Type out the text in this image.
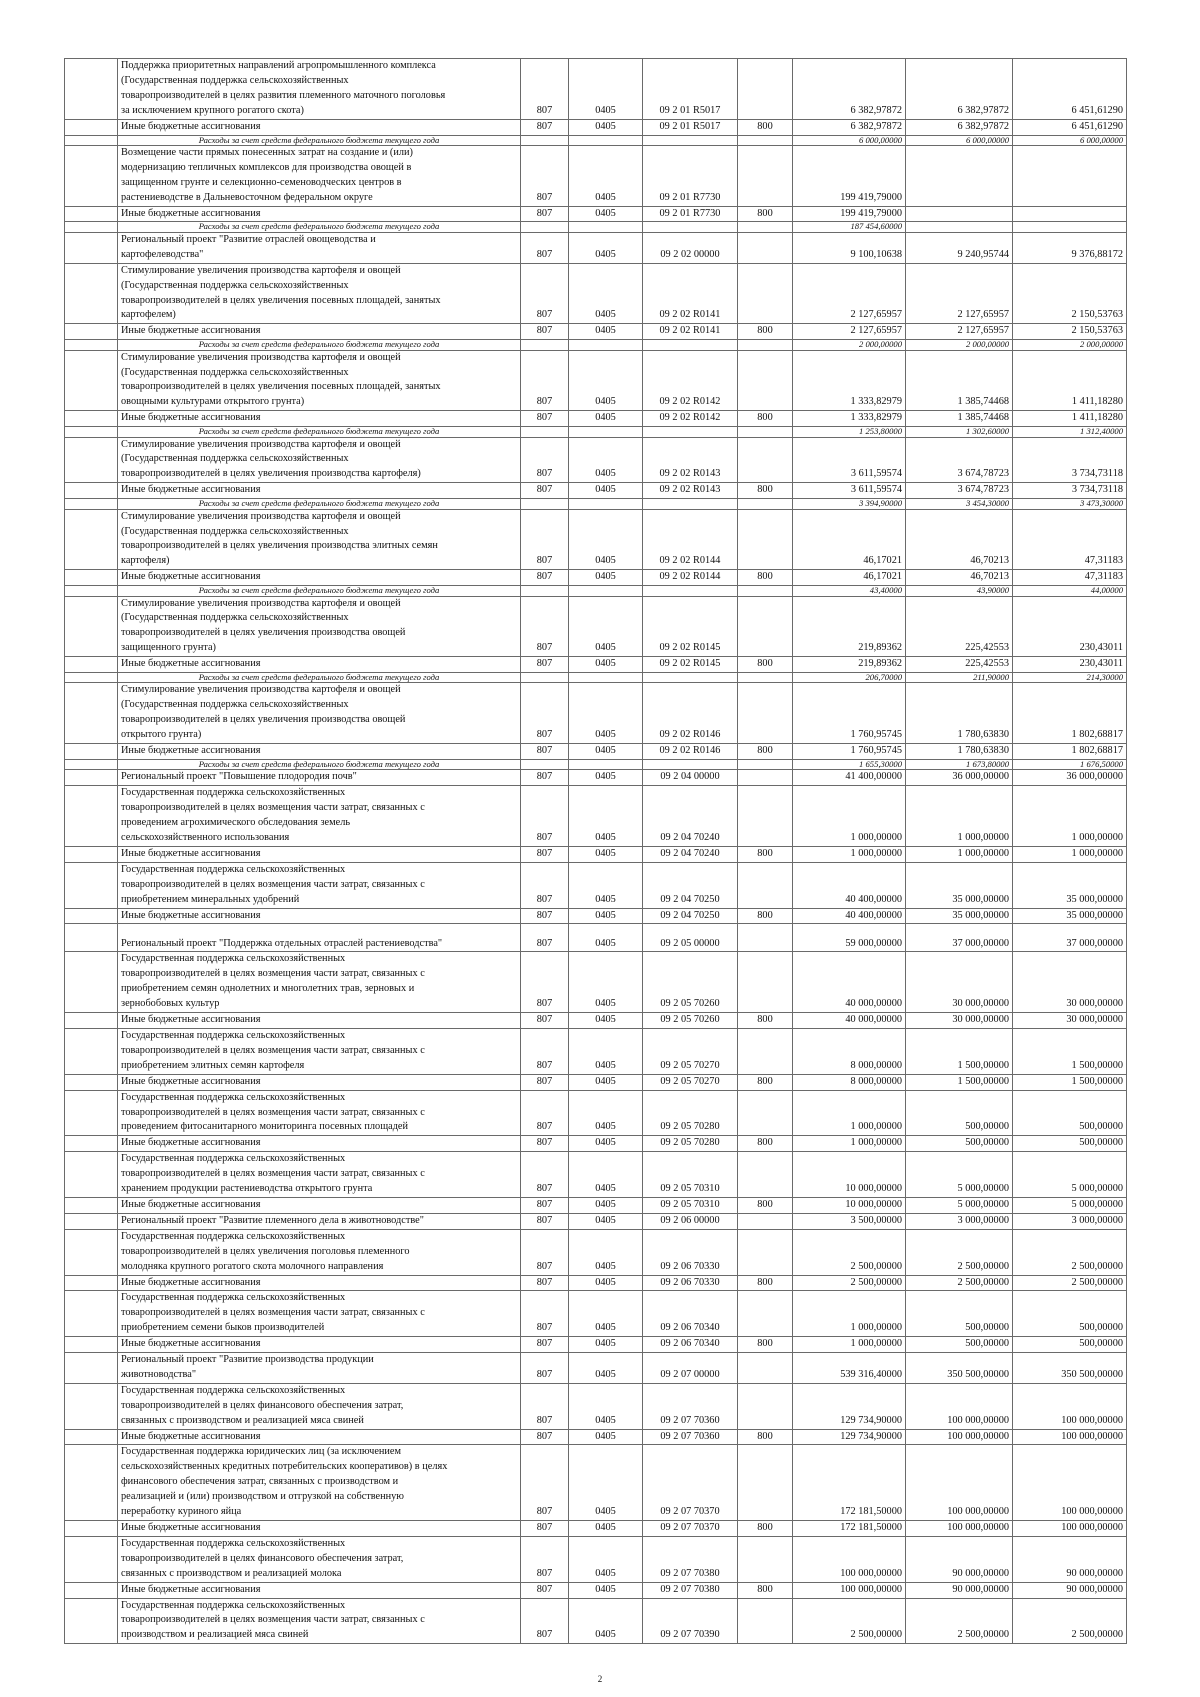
	Поддержка приоритетных направлений агропромышленного комплекса
(Государственная поддержка сельскохозяйственных
товаропроизводителей в целях развития племенного маточного поголовья
за исключением крупного рогатого скота)	807	0405	09 2 01 R5017		6 382,97872	6 382,97872	6 451,61290
	Иные бюджетные ассигнования	807	0405	09 2 01 R5017	800	6 382,97872	6 382,97872	6 451,61290
	Расходы за счет средств федерального бюджета текущего года					6 000,00000	6 000,00000	6 000,00000
	Возмещение части прямых понесенных затрат на создание и (или)
модернизацию тепличных комплексов для производства овощей в
защищенном грунте и селекционно-семеноводческих центров в
растениеводстве в Дальневосточном федеральном округе	807	0405	09 2 01 R7730		199 419,79000		
	Иные бюджетные ассигнования	807	0405	09 2 01 R7730	800	199 419,79000		
	Расходы за счет средств федерального бюджета текущего года					187 454,60000		
	Региональный проект "Развитие отраслей овощеводства и
картофелеводства"	807	0405	09 2 02 00000		9 100,10638	9 240,95744	9 376,88172
	Стимулирование увеличения производства картофеля и овощей
(Государственная поддержка сельскохозяйственных
товаропроизводителей в целях увеличения посевных площадей, занятых
картофелем)	807	0405	09 2 02 R0141		2 127,65957	2 127,65957	2 150,53763
	Иные бюджетные ассигнования	807	0405	09 2 02 R0141	800	2 127,65957	2 127,65957	2 150,53763
	Расходы за счет средств федерального бюджета текущего года					2 000,00000	2 000,00000	2 000,00000
	Стимулирование увеличения производства картофеля и овощей
(Государственная поддержка сельскохозяйственных
товаропроизводителей в целях увеличения посевных площадей, занятых
овощными культурами открытого грунта)	807	0405	09 2 02 R0142		1 333,82979	1 385,74468	1 411,18280
	Иные бюджетные ассигнования	807	0405	09 2 02 R0142	800	1 333,82979	1 385,74468	1 411,18280
	Расходы за счет средств федерального бюджета текущего года					1 253,80000	1 302,60000	1 312,40000
	Стимулирование увеличения производства картофеля и овощей
(Государственная поддержка сельскохозяйственных
товаропроизводителей в целях увеличения производства картофеля)	807	0405	09 2 02 R0143		3 611,59574	3 674,78723	3 734,73118
	Иные бюджетные ассигнования	807	0405	09 2 02 R0143	800	3 611,59574	3 674,78723	3 734,73118
	Расходы за счет средств федерального бюджета текущего года					3 394,90000	3 454,30000	3 473,30000
	Стимулирование увеличения производства картофеля и овощей
(Государственная поддержка сельскохозяйственных
товаропроизводителей в целях увеличения производства элитных семян
картофеля)	807	0405	09 2 02 R0144		46,17021	46,70213	47,31183
	Иные бюджетные ассигнования	807	0405	09 2 02 R0144	800	46,17021	46,70213	47,31183
	Расходы за счет средств федерального бюджета текущего года					43,40000	43,90000	44,00000
	Стимулирование увеличения производства картофеля и овощей
(Государственная поддержка сельскохозяйственных
товаропроизводителей в целях увеличения производства овощей
защищенного грунта)	807	0405	09 2 02 R0145		219,89362	225,42553	230,43011
	Иные бюджетные ассигнования	807	0405	09 2 02 R0145	800	219,89362	225,42553	230,43011
	Расходы за счет средств федерального бюджета текущего года					206,70000	211,90000	214,30000
	Стимулирование увеличения производства картофеля и овощей
(Государственная поддержка сельскохозяйственных
товаропроизводителей в целях увеличения производства овощей
открытого грунта)	807	0405	09 2 02 R0146		1 760,95745	1 780,63830	1 802,68817
	Иные бюджетные ассигнования	807	0405	09 2 02 R0146	800	1 760,95745	1 780,63830	1 802,68817
	Расходы за счет средств федерального бюджета текущего года					1 655,30000	1 673,80000	1 676,50000
	Региональный проект "Повышение плодородия почв"	807	0405	09 2 04 00000		41 400,00000	36 000,00000	36 000,00000
	Государственная поддержка сельскохозяйственных
товаропроизводителей в целях возмещения части затрат, связанных с
проведением агрохимического обследования земель
сельскохозяйственного использования	807	0405	09 2 04 70240		1 000,00000	1 000,00000	1 000,00000
	Иные бюджетные ассигнования	807	0405	09 2 04 70240	800	1 000,00000	1 000,00000	1 000,00000
	Государственная поддержка сельскохозяйственных
товаропроизводителей в целях возмещения части затрат, связанных с
приобретением минеральных удобрений	807	0405	09 2 04 70250		40 400,00000	35 000,00000	35 000,00000
	Иные бюджетные ассигнования	807	0405	09 2 04 70250	800	40 400,00000	35 000,00000	35 000,00000
	Региональный проект "Поддержка отдельных отраслей растениеводства"	807	0405	09 2 05 00000		59 000,00000	37 000,00000	37 000,00000
	Государственная поддержка сельскохозяйственных
товаропроизводителей в целях возмещения части затрат, связанных с
приобретением семян однолетних и многолетних трав, зерновых и
зернобобовых культур	807	0405	09 2 05 70260		40 000,00000	30 000,00000	30 000,00000
	Иные бюджетные ассигнования	807	0405	09 2 05 70260	800	40 000,00000	30 000,00000	30 000,00000
	Государственная поддержка сельскохозяйственных
товаропроизводителей в целях возмещения части затрат, связанных с
приобретением элитных семян картофеля	807	0405	09 2 05 70270		8 000,00000	1 500,00000	1 500,00000
	Иные бюджетные ассигнования	807	0405	09 2 05 70270	800	8 000,00000	1 500,00000	1 500,00000
	Государственная поддержка сельскохозяйственных
товаропроизводителей в целях возмещения части затрат, связанных с
проведением фитосанитарного мониторинга посевных площадей	807	0405	09 2 05 70280		1 000,00000	500,00000	500,00000
	Иные бюджетные ассигнования	807	0405	09 2 05 70280	800	1 000,00000	500,00000	500,00000
	Государственная поддержка сельскохозяйственных
товаропроизводителей в целях возмещения части затрат, связанных с
хранением продукции растениеводства открытого грунта	807	0405	09 2 05 70310		10 000,00000	5 000,00000	5 000,00000
	Иные бюджетные ассигнования	807	0405	09 2 05 70310	800	10 000,00000	5 000,00000	5 000,00000
	Региональный проект "Развитие племенного дела в животноводстве"	807	0405	09 2 06 00000		3 500,00000	3 000,00000	3 000,00000
	Государственная поддержка сельскохозяйственных
товаропроизводителей в целях увеличения поголовья племенного
молодняка крупного рогатого скота молочного направления	807	0405	09 2 06 70330		2 500,00000	2 500,00000	2 500,00000
	Иные бюджетные ассигнования	807	0405	09 2 06 70330	800	2 500,00000	2 500,00000	2 500,00000
	Государственная поддержка сельскохозяйственных
товаропроизводителей в целях возмещения части затрат, связанных с
приобретением семени быков производителей	807	0405	09 2 06 70340		1 000,00000	500,00000	500,00000
	Иные бюджетные ассигнования	807	0405	09 2 06 70340	800	1 000,00000	500,00000	500,00000
	Региональный проект "Развитие производства продукции
животноводства"	807	0405	09 2 07 00000		539 316,40000	350 500,00000	350 500,00000
	Государственная поддержка сельскохозяйственных
товаропроизводителей в целях финансового обеспечения затрат,
связанных с производством и реализацией мяса свиней	807	0405	09 2 07 70360		129 734,90000	100 000,00000	100 000,00000
	Иные бюджетные ассигнования	807	0405	09 2 07 70360	800	129 734,90000	100 000,00000	100 000,00000
	Государственная поддержка юридических лиц (за исключением
сельскохозяйственных кредитных потребительских кооперативов) в целях
финансового обеспечения затрат, связанных с производством и
реализацией и (или) производством и отгрузкой на собственную
переработку куриного яйца	807	0405	09 2 07 70370		172 181,50000	100 000,00000	100 000,00000
	Иные бюджетные ассигнования	807	0405	09 2 07 70370	800	172 181,50000	100 000,00000	100 000,00000
	Государственная поддержка сельскохозяйственных
товаропроизводителей в целях финансового обеспечения затрат,
связанных с производством и реализацией молока	807	0405	09 2 07 70380		100 000,00000	90 000,00000	90 000,00000
	Иные бюджетные ассигнования	807	0405	09 2 07 70380	800	100 000,00000	90 000,00000	90 000,00000
	Государственная поддержка сельскохозяйственных
товаропроизводителей в целях возмещения части затрат, связанных с
производством и реализацией мяса свиней	807	0405	09 2 07 70390		2 500,00000	2 500,00000	2 500,00000
2
